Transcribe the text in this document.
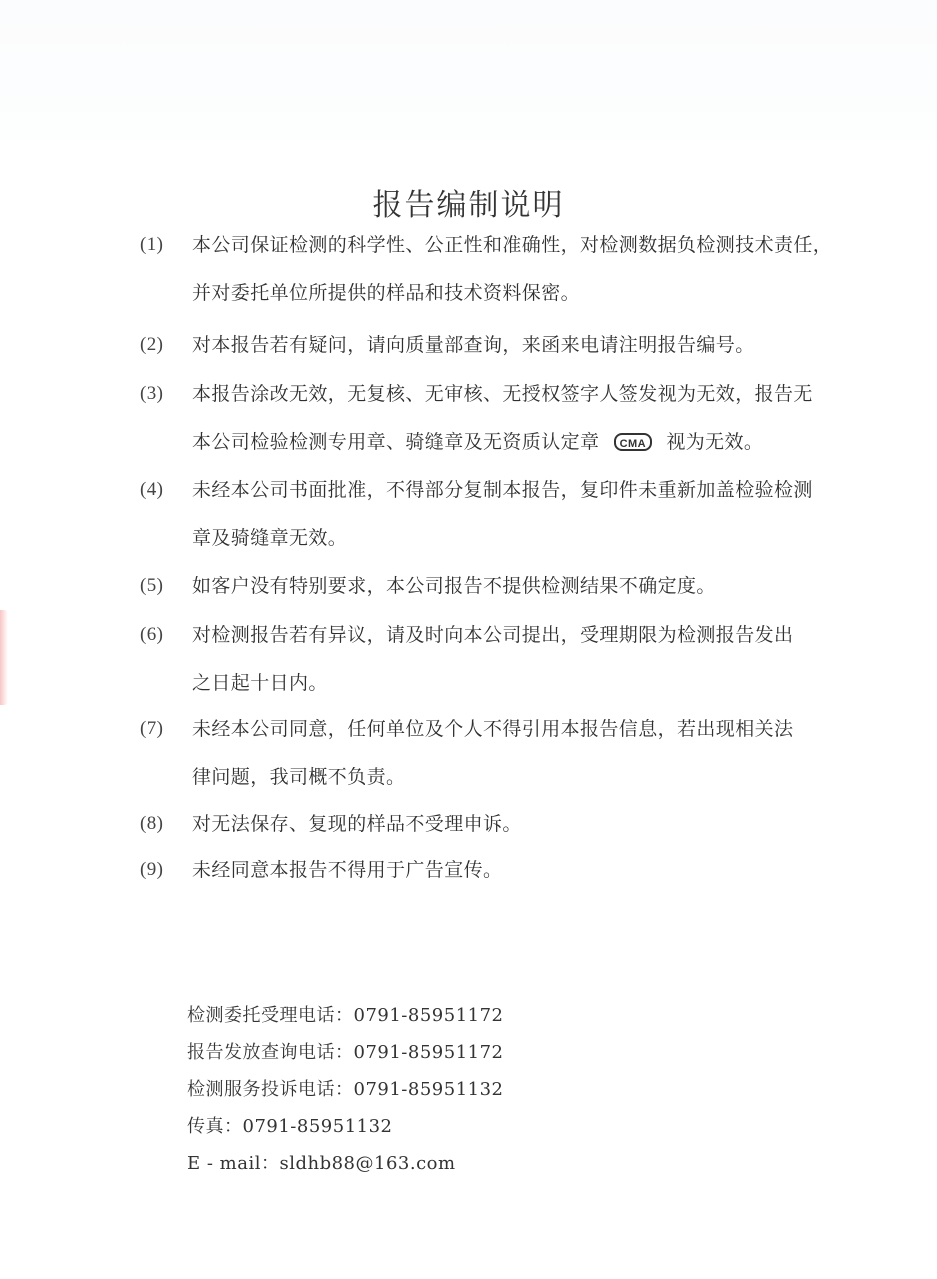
报告编制说明
(1)	本公司保证检测的科学性、公正性和准确性，对检测数据负检测技术责任，
并对委托单位所提供的样品和技术资料保密。
(2)	对本报告若有疑问，请向质量部查询，来函来电请注明报告编号。
(3)	本报告涂改无效，无复核、无审核、无授权签字人签发视为无效，报告无
本公司检验检测专用章、骑缝章及无资质认定章 CMA 视为无效。
(4)	未经本公司书面批准，不得部分复制本报告，复印件未重新加盖检验检测
章及骑缝章无效。
(5)	如客户没有特别要求，本公司报告不提供检测结果不确定度。
(6)	对检测报告若有异议，请及时向本公司提出，受理期限为检测报告发出
之日起十日内。
(7)	未经本公司同意，任何单位及个人不得引用本报告信息，若出现相关法
律问题，我司概不负责。
(8)	对无法保存、复现的样品不受理申诉。
(9)	未经同意本报告不得用于广告宣传。
检测委托受理电话：0791-85951172
报告发放查询电话：0791-85951172
检测服务投诉电话：0791-85951132
传真：0791-85951132
E - mail：sldhb88@163.com
